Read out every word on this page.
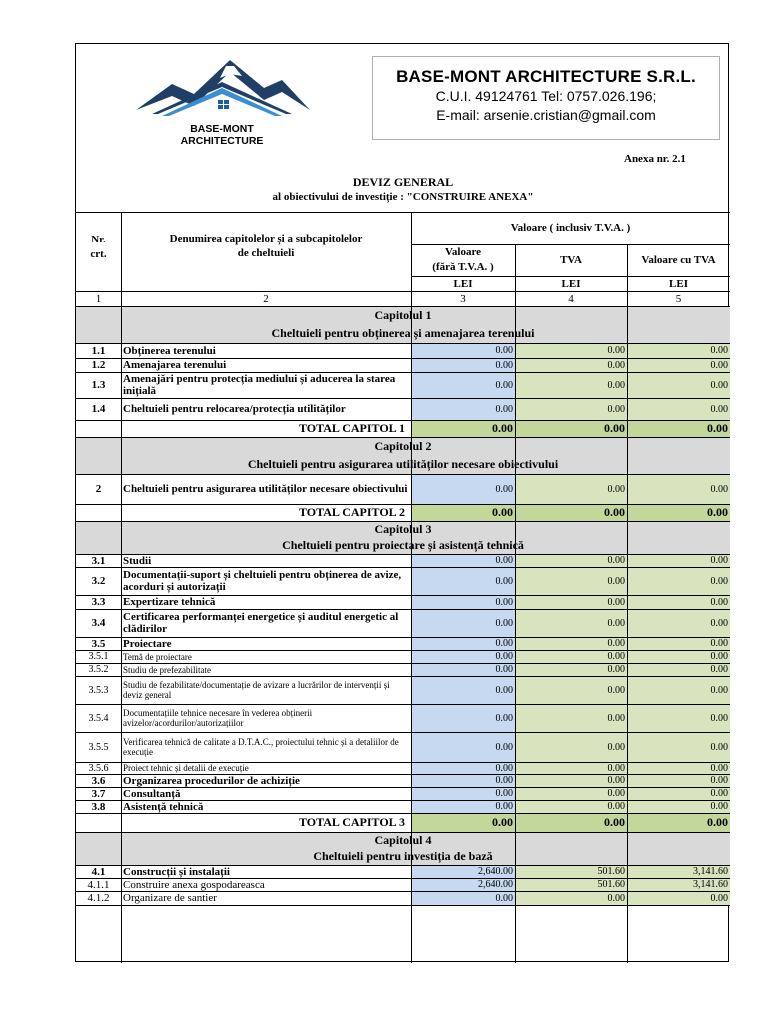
BASE-MONT
ARCHITECTURE
BASE-MONT ARCHITECTURE S.R.L.
C.U.I. 49124761 Tel: 0757.026.196;
E-mail: arsenie.cristian@gmail.com
Anexa nr. 2.1
DEVIZ GENERAL
al obiectivului de investiție : "CONSTRUIRE ANEXA"
Nr.
crt.
Denumirea capitolelor și a subcapitolelor
de cheltuieli
Valoare ( inclusiv T.V.A. )
Valoare
(fără T.V.A. )
TVA	Valoare cu TVA
LEI	LEI	LEI
1	2	3	4	5
Capitolul 1
Cheltuieli pentru obținerea și amenajarea terenului
1.1	Obținerea terenului	0.00	0.00	0.00
1.2	Amenajarea terenului	0.00	0.00	0.00
1.3	Amenajări pentru protecția mediului și aducerea la starea inițială	0.00	0.00	0.00
1.4	Cheltuieli pentru relocarea/protecția utilităților	0.00	0.00	0.00
TOTAL CAPITOL 1	0.00	0.00	0.00
Capitolul 2
Cheltuieli pentru asigurarea utilităților necesare obiectivului
2	Cheltuieli pentru asigurarea utilităților necesare obiectivului	0.00	0.00	0.00
TOTAL CAPITOL 2	0.00	0.00	0.00
Capitolul 3
Cheltuieli pentru proiectare și asistență tehnică
3.1	Studii	0.00	0.00	0.00
3.2	Documentații-suport și cheltuieli pentru obținerea de avize, acorduri și autorizații	0.00	0.00	0.00
3.3	Expertizare tehnică	0.00	0.00	0.00
3.4	Certificarea performanței energetice și auditul energetic al clădirilor	0.00	0.00	0.00
3.5	Proiectare	0.00	0.00	0.00
3.5.1	Temă de proiectare	0.00	0.00	0.00
3.5.2	Studiu de prefezabilitate	0.00	0.00	0.00
3.5.3	Studiu de fezabilitate/documentație de avizare a lucrărilor de intervenții și deviz general	0.00	0.00	0.00
3.5.4	Documentațiile tehnice necesare în vederea obținerii avizelor/acordurilor/autorizațiilor	0.00	0.00	0.00
3.5.5	Verificarea tehnică de calitate a D.T.A.C., proiectului tehnic și a detaliilor de execuție	0.00	0.00	0.00
3.5.6	Proiect tehnic și detalii de execuție	0.00	0.00	0.00
3.6	Organizarea procedurilor de achiziție	0.00	0.00	0.00
3.7	Consultanță	0.00	0.00	0.00
3.8	Asistență tehnică	0.00	0.00	0.00
TOTAL CAPITOL 3	0.00	0.00	0.00
Capitolul 4
Cheltuieli pentru investiția de bază
4.1	Construcții și instalații	2,640.00	501.60	3,141.60
4.1.1	Construire anexa gospodareasca	2,640.00	501.60	3,141.60
4.1.2	Organizare de santier	0.00	0.00	0.00
